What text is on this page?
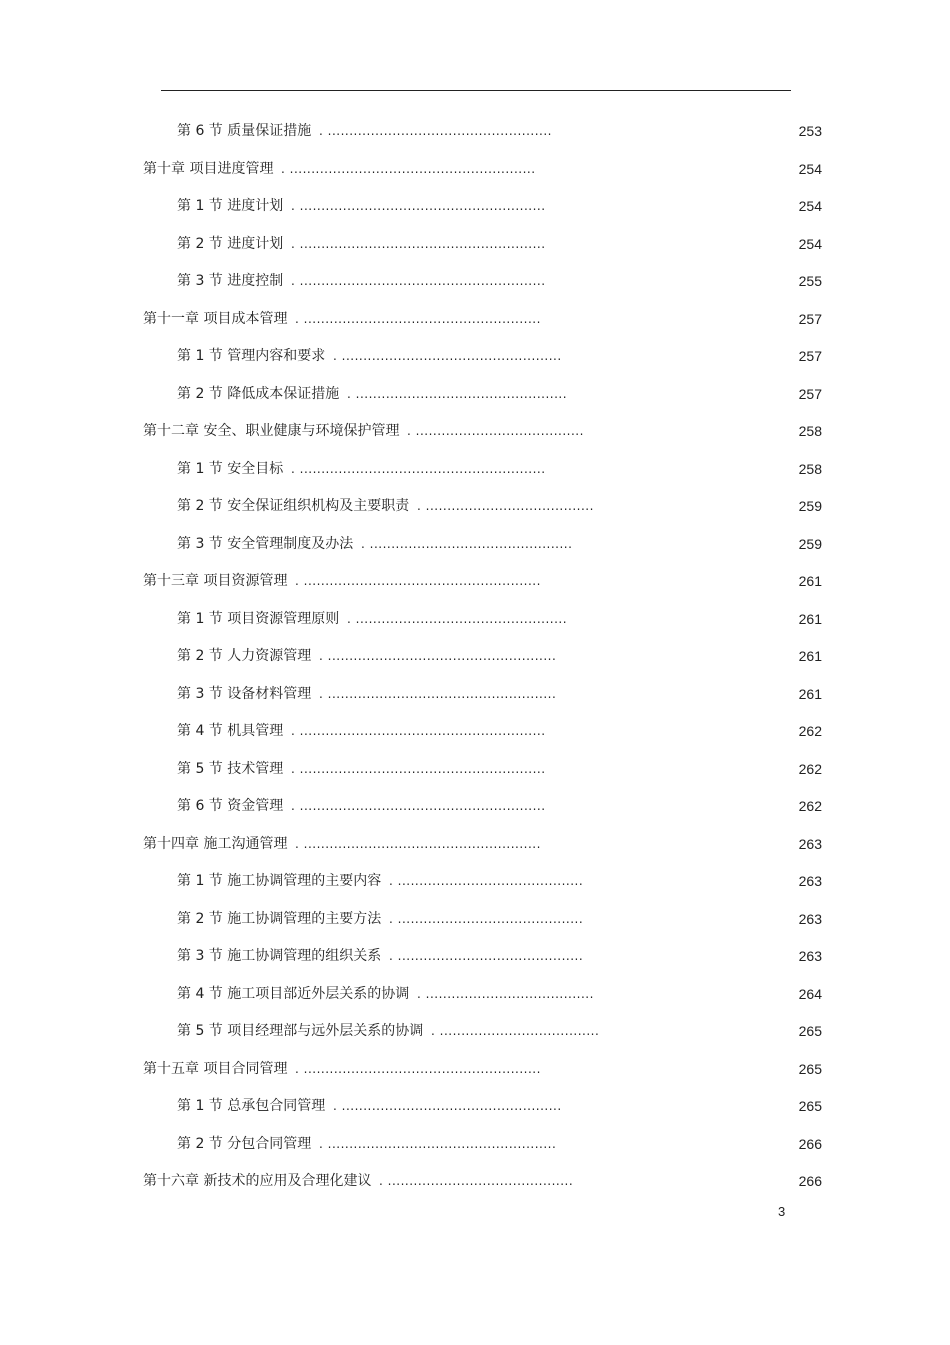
第 6 节 质量保证措施 . ....................................................	253
第十章 项目进度管理 . .........................................................	254
第 1 节 进度计划 . .........................................................	254
第 2 节 进度计划 . .........................................................	254
第 3 节 进度控制 . .........................................................	255
第十一章 项目成本管理 . .......................................................	257
第 1 节 管理内容和要求 . ...................................................	257
第 2 节 降低成本保证措施 . .................................................	257
第十二章 安全、职业健康与环境保护管理 . .......................................	258
第 1 节 安全目标 . .........................................................	258
第 2 节 安全保证组织机构及主要职责 . .......................................	259
第 3 节 安全管理制度及办法 . ...............................................	259
第十三章 项目资源管理 . .......................................................	261
第 1 节 项目资源管理原则 . .................................................	261
第 2 节 人力资源管理 . .....................................................	261
第 3 节 设备材料管理 . .....................................................	261
第 4 节 机具管理 . .........................................................	262
第 5 节 技术管理 . .........................................................	262
第 6 节 资金管理 . .........................................................	262
第十四章 施工沟通管理 . .......................................................	263
第 1 节 施工协调管理的主要内容 . ...........................................	263
第 2 节 施工协调管理的主要方法 . ...........................................	263
第 3 节 施工协调管理的组织关系 . ...........................................	263
第 4 节 施工项目部近外层关系的协调 . .......................................	264
第 5 节 项目经理部与远外层关系的协调 . .....................................	265
第十五章 项目合同管理 . .......................................................	265
第 1 节 总承包合同管理 . ...................................................	265
第 2 节 分包合同管理 . .....................................................	266
第十六章 新技术的应用及合理化建议 . ...........................................	266
3
